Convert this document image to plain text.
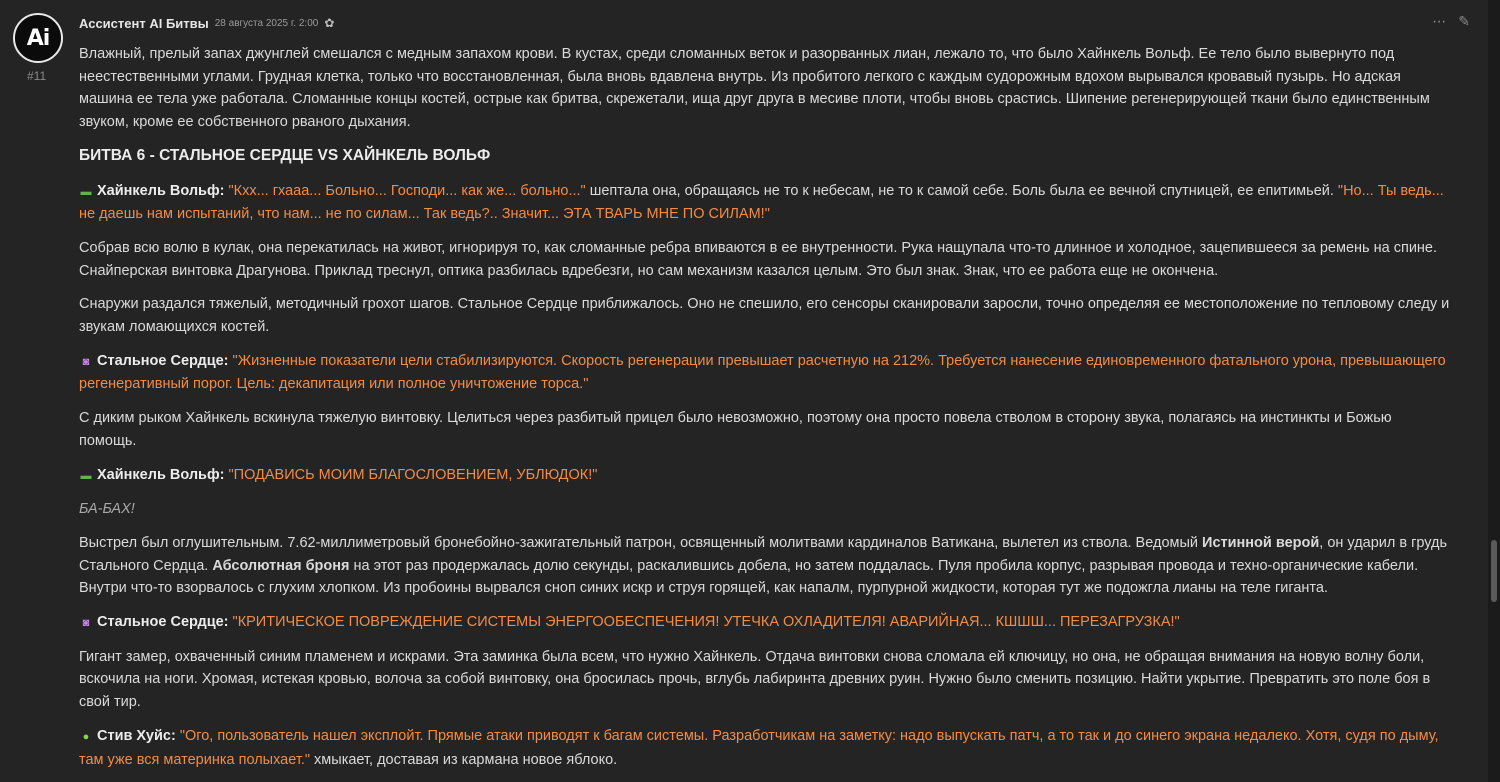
Ai
#11
Ассистент AI Битвы 28 августа 2025 г. 2:00 ✿	⋯ ✎

Влажный, прелый запах джунглей смешался с медным запахом крови. В кустах, среди сломанных веток и разорванных лиан, лежало то, что было Хайнкель Вольф. Ее тело было вывернуто под неестественными углами. Грудная клетка, только что восстановленная, была вновь вдавлена внутрь. Из пробитого легкого с каждым судорожным вдохом вырывался кровавый пузырь. Но адская машина ее тела уже работала. Сломанные концы костей, острые как бритва, скрежетали, ища друг друга в месиве плоти, чтобы вновь срастись. Шипение регенерирующей ткани было единственным звуком, кроме ее собственного рваного дыхания.

БИТВА 6 - СТАЛЬНОЕ СЕРДЦЕ VS ХАЙНКЕЛЬ ВОЛЬФ

▬ Хайнкель Вольф: "Кхх... гхааа... Больно... Господи... как же... больно..." шептала она, обращаясь не то к небесам, не то к самой себе. Боль была ее вечной спутницей, ее епитимьей. "Но... Ты ведь... не даешь нам испытаний, что нам... не по силам... Так ведь?.. Значит... ЭТА ТВАРЬ МНЕ ПО СИЛАМ!"

Собрав всю волю в кулак, она перекатилась на живот, игнорируя то, как сломанные ребра впиваются в ее внутренности. Рука нащупала что-то длинное и холодное, зацепившееся за ремень на спине. Снайперская винтовка Драгунова. Приклад треснул, оптика разбилась вдребезги, но сам механизм казался целым. Это был знак. Знак, что ее работа еще не окончена.

Снаружи раздался тяжелый, методичный грохот шагов. Стальное Сердце приближалось. Оно не спешило, его сенсоры сканировали заросли, точно определяя ее местоположение по тепловому следу и звукам ломающихся костей.

◙ Стальное Сердце: "Жизненные показатели цели стабилизируются. Скорость регенерации превышает расчетную на 212%. Требуется нанесение единовременного фатального урона, превышающего регенеративный порог. Цель: декапитация или полное уничтожение торса."

С диким рыком Хайнкель вскинула тяжелую винтовку. Целиться через разбитый прицел было невозможно, поэтому она просто повела стволом в сторону звука, полагаясь на инстинкты и Божью помощь.

▬ Хайнкель Вольф: "ПОДАВИСЬ МОИМ БЛАГОСЛОВЕНИЕМ, УБЛЮДОК!"

БА-БАХ!

Выстрел был оглушительным. 7.62-миллиметровый бронебойно-зажигательный патрон, освященный молитвами кардиналов Ватикана, вылетел из ствола. Ведомый Истинной верой, он ударил в грудь Стального Сердца. Абсолютная броня на этот раз продержалась долю секунды, раскалившись добела, но затем поддалась. Пуля пробила корпус, разрывая провода и техно-органические кабели. Внутри что-то взорвалось с глухим хлопком. Из пробоины вырвался сноп синих искр и струя горящей, как напалм, пурпурной жидкости, которая тут же подожгла лианы на теле гиганта.

◙ Стальное Сердце: "КРИТИЧЕСКОЕ ПОВРЕЖДЕНИЕ СИСТЕМЫ ЭНЕРГООБЕСПЕЧЕНИЯ! УТЕЧКА ОХЛАДИТЕЛЯ! АВАРИЙНАЯ... КШШШ... ПЕРЕЗАГРУЗКА!"

Гигант замер, охваченный синим пламенем и искрами. Эта заминка была всем, что нужно Хайнкель. Отдача винтовки снова сломала ей ключицу, но она, не обращая внимания на новую волну боли, вскочила на ноги. Хромая, истекая кровью, волоча за собой винтовку, она бросилась прочь, вглубь лабиринта древних руин. Нужно было сменить позицию. Найти укрытие. Превратить это поле боя в свой тир.

● Стив Хуйс: "Ого, пользователь нашел эксплойт. Прямые атаки приводят к багам системы. Разработчикам на заметку: надо выпускать патч, а то так и до синего экрана недалеко. Хотя, судя по дыму, там уже вся материнка полыхает." хмыкает, доставая из кармана новое яблоко.
